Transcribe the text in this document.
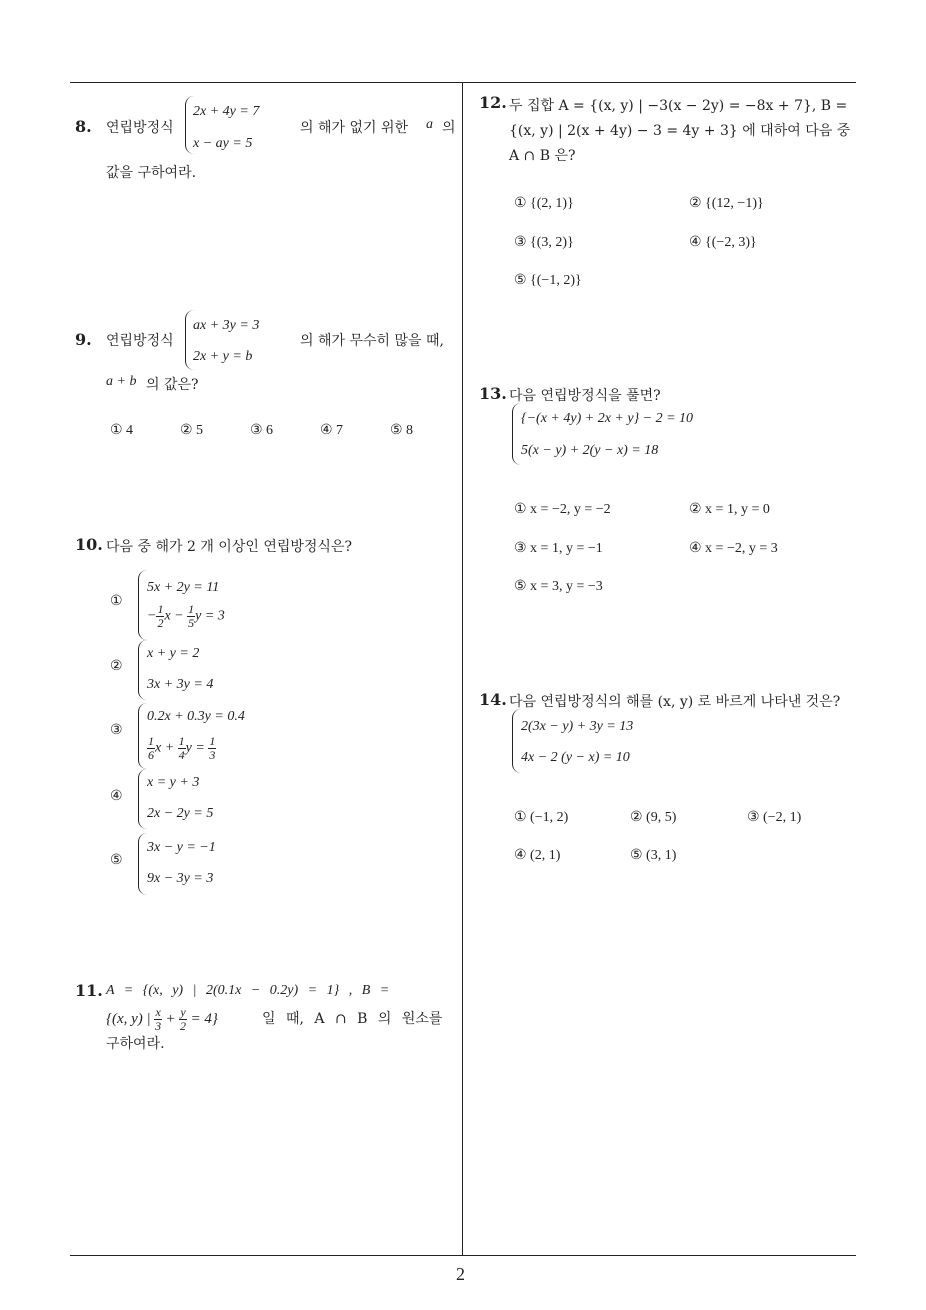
8. 연립방정식
2x + 4y = 7
x − ay = 5
의 해가 없기 위한 a 의
값을 구하여라.
9. 연립방정식
ax + 3y = 3
2x + y = b
의 해가 무수히 많을 때,
a + b 의 값은?
① 4	② 5	③ 6	④ 7	⑤ 8
10. 다음 중 해가 2 개 이상인 연립방정식은?
①
5x + 2y = 11
− $\frac{1}{2}$ $x - \frac{1}{5}$ y = 3
②
x + y = 2
3x + 3y = 4
③
0.2x + 0.3y = 0.4
$\frac{1}{6}$ $x + \frac{1}{4}$ $y = \frac{1}{3}$
④
x = y + 3
2x − 2y = 5
⑤
3x − y = −1
9x − 3y = 3
11. A = {(x, y) | 2(0.1x − 0.2y) = 1} , B =
{(x, y) | $\frac{x}{3} + \frac{y}{2} = 4$}	일 때, A ∩ B 의 원소를
구하여라.
12. 두 집합 A = {(x, y) | −3(x − 2y) = −8x + 7}, B =
{(x, y) | 2(x + 4y) − 3 = 4y + 3} 에 대하여 다음 중
A ∩ B 은?
① {(2, 1)}	② {(12, −1)}
③ {(3, 2)}	④ {(−2, 3)}
⑤ {(−1, 2)}
13. 다음 연립방정식을 풀면?
{−(x + 4y) + 2x + y} − 2 = 10
5(x − y) + 2(y − x) = 18
① x = −2, y = −2	② x = 1, y = 0
③ x = 1, y = −1	④ x = −2, y = 3
⑤ x = 3, y = −3
14. 다음 연립방정식의 해를 (x, y) 로 바르게 나타낸 것은?
2(3x − y) + 3y = 13
4x − 2 (y − x) = 10
① (−1, 2)	② (9, 5)	③ (−2, 1)
④ (2, 1)	⑤ (3, 1)
2
